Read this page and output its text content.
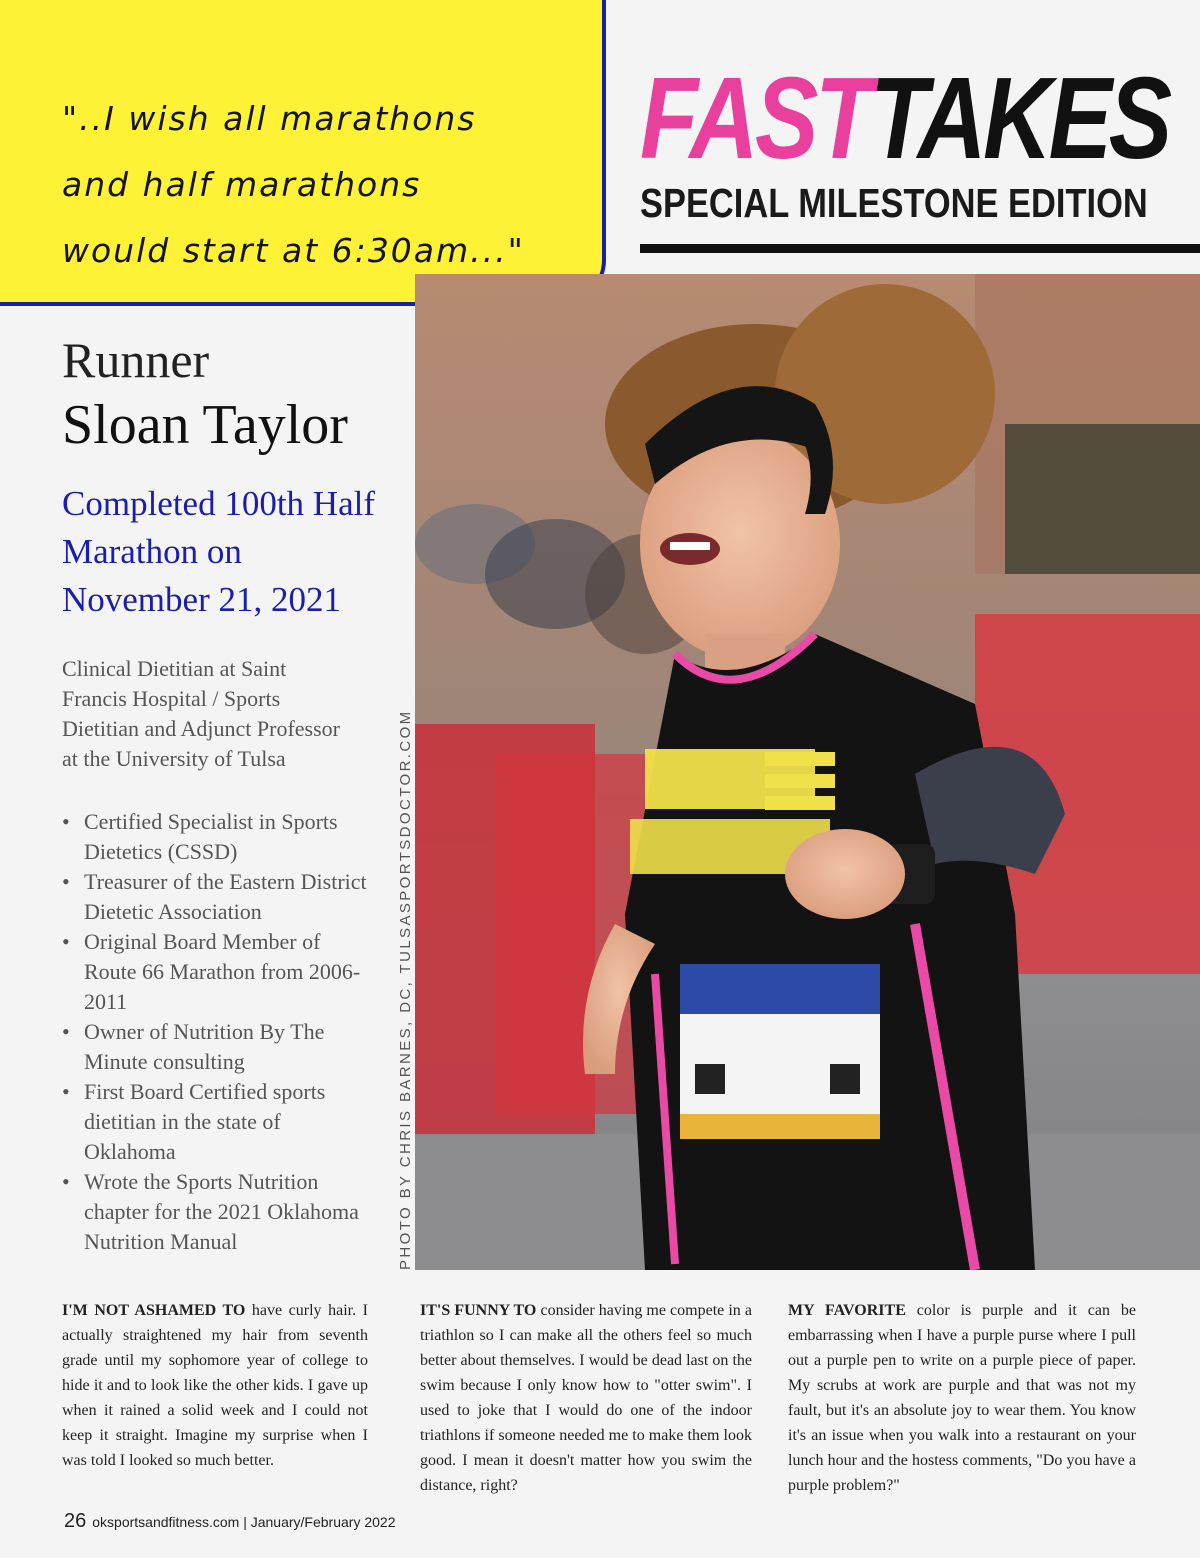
"..I wish all marathons
and half marathons
would start at 6:30am..."
FASTTAKES
SPECIAL MILESTONE EDITION
PHOTO BY CHRIS BARNES, DC, TULSASPORTSDOCTOR.COM
Runner
Sloan Taylor
Completed 100th Half Marathon on November 21, 2021
Clinical Dietitian at Saint Francis Hospital / Sports Dietitian and Adjunct Professor at the University of Tulsa
• Certified Specialist in Sports Dietetics (CSSD)
• Treasurer of the Eastern District Dietetic Association
• Original Board Member of Route 66 Marathon from 2006-2011
• Owner of Nutrition By The Minute consulting
• First Board Certified sports dietitian in the state of Oklahoma
• Wrote the Sports Nutrition chapter for the 2021 Oklahoma Nutrition Manual
I'M NOT ASHAMED TO have curly hair. I actually straightened my hair from seventh grade until my sophomore year of college to hide it and to look like the other kids. I gave up when it rained a solid week and I could not keep it straight. Imagine my surprise when I was told I looked so much better.
IT'S FUNNY TO consider having me compete in a triathlon so I can make all the others feel so much better about themselves. I would be dead last on the swim because I only know how to "otter swim". I used to joke that I would do one of the indoor triathlons if someone needed me to make them look good. I mean it doesn't matter how you swim the distance, right?
MY FAVORITE color is purple and it can be embarrassing when I have a purple purse where I pull out a purple pen to write on a purple piece of paper. My scrubs at work are purple and that was not my fault, but it's an absolute joy to wear them. You know it's an issue when you walk into a restaurant on your lunch hour and the hostess comments, "Do you have a purple problem?"
26 oksportsandfitness.com | January/February 2022
